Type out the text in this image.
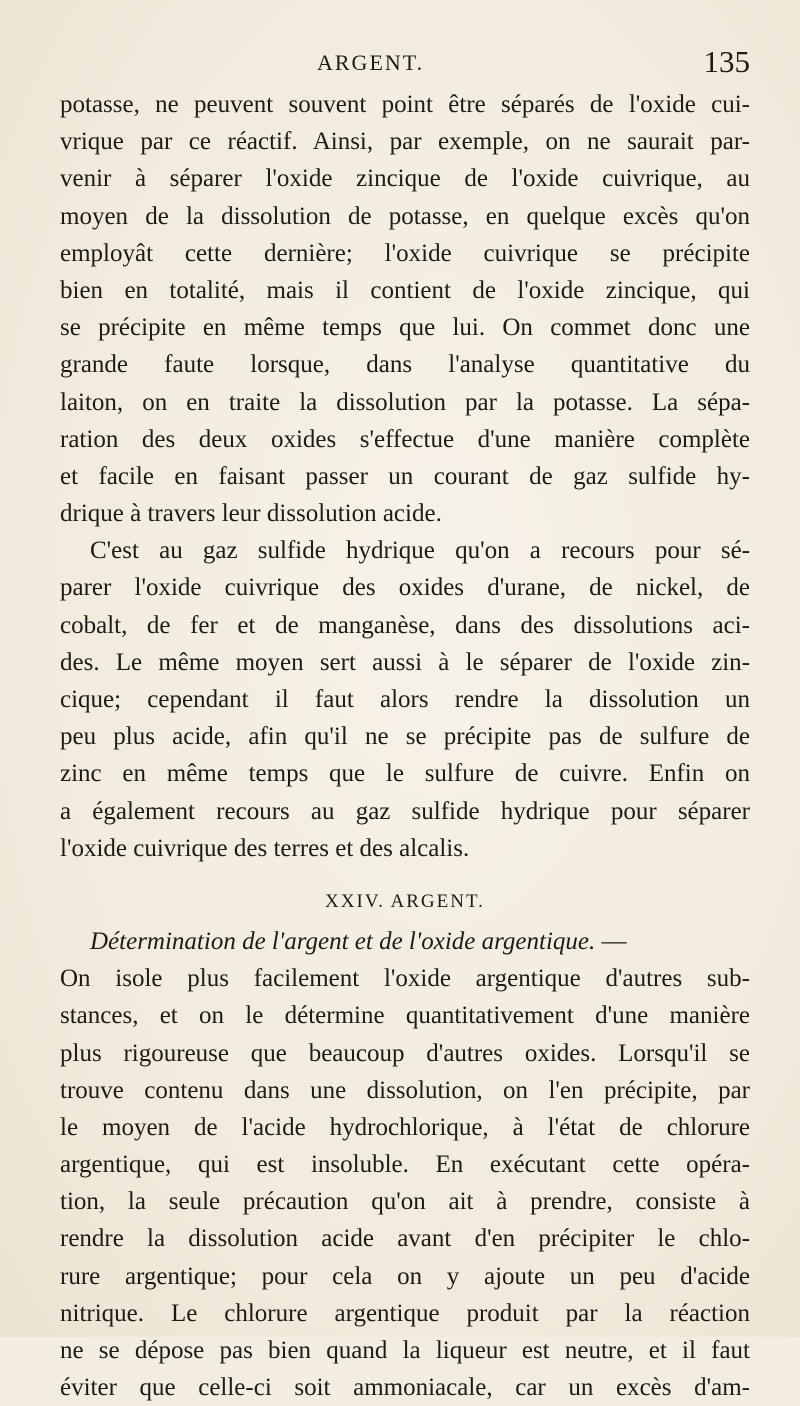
ARGENT.	135
potasse, ne peuvent souvent point être séparés de l'oxide cui-
vrique par ce réactif. Ainsi, par exemple, on ne saurait par-
venir à séparer l'oxide zincique de l'oxide cuivrique, au
moyen de la dissolution de potasse, en quelque excès qu'on
employât cette dernière; l'oxide cuivrique se précipite
bien en totalité, mais il contient de l'oxide zincique, qui
se précipite en même temps que lui. On commet donc une
grande faute lorsque, dans l'analyse quantitative du
laiton, on en traite la dissolution par la potasse. La sépa-
ration des deux oxides s'effectue d'une manière complète
et facile en faisant passer un courant de gaz sulfide hy-
drique à travers leur dissolution acide.
C'est au gaz sulfide hydrique qu'on a recours pour sé-
parer l'oxide cuivrique des oxides d'urane, de nickel, de
cobalt, de fer et de manganèse, dans des dissolutions aci-
des. Le même moyen sert aussi à le séparer de l'oxide zin-
cique; cependant il faut alors rendre la dissolution un
peu plus acide, afin qu'il ne se précipite pas de sulfure de
zinc en même temps que le sulfure de cuivre. Enfin on
a également recours au gaz sulfide hydrique pour séparer
l'oxide cuivrique des terres et des alcalis.
XXIV. ARGENT.
Détermination de l'argent et de l'oxide argentique. —
On isole plus facilement l'oxide argentique d'autres sub-
stances, et on le détermine quantitativement d'une manière
plus rigoureuse que beaucoup d'autres oxides. Lorsqu'il se
trouve contenu dans une dissolution, on l'en précipite, par
le moyen de l'acide hydrochlorique, à l'état de chlorure
argentique, qui est insoluble. En exécutant cette opéra-
tion, la seule précaution qu'on ait à prendre, consiste à
rendre la dissolution acide avant d'en précipiter le chlo-
rure argentique; pour cela on y ajoute un peu d'acide
nitrique. Le chlorure argentique produit par la réaction
ne se dépose pas bien quand la liqueur est neutre, et il faut
éviter que celle-ci soit ammoniacale, car un excès d'am-
